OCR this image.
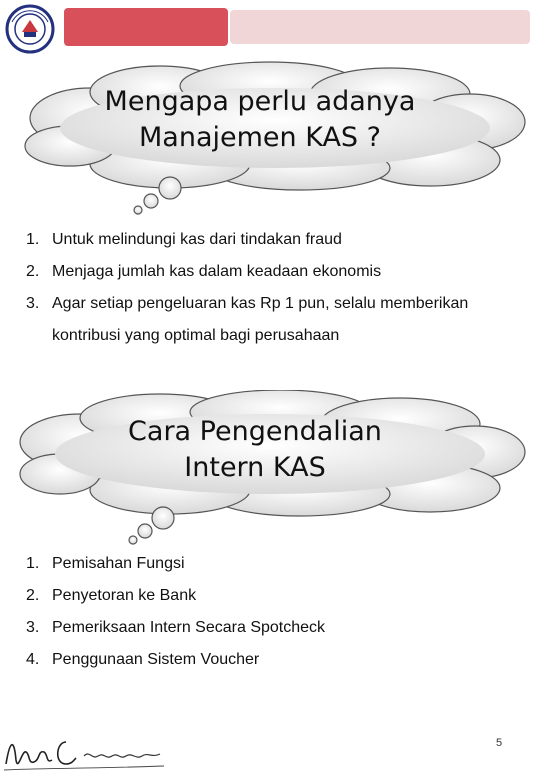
Mengapa perlu adanya
Manajemen KAS ?
1. Untuk melindungi kas dari tindakan fraud
2. Menjaga jumlah kas dalam keadaan ekonomis
3. Agar setiap pengeluaran kas Rp 1 pun, selalu memberikan kontribusi yang optimal bagi perusahaan
Cara Pengendalian
Intern KAS
1. Pemisahan Fungsi
2. Penyetoran ke Bank
3. Pemeriksaan Intern Secara Spotcheck
4. Penggunaan Sistem Voucher
5
